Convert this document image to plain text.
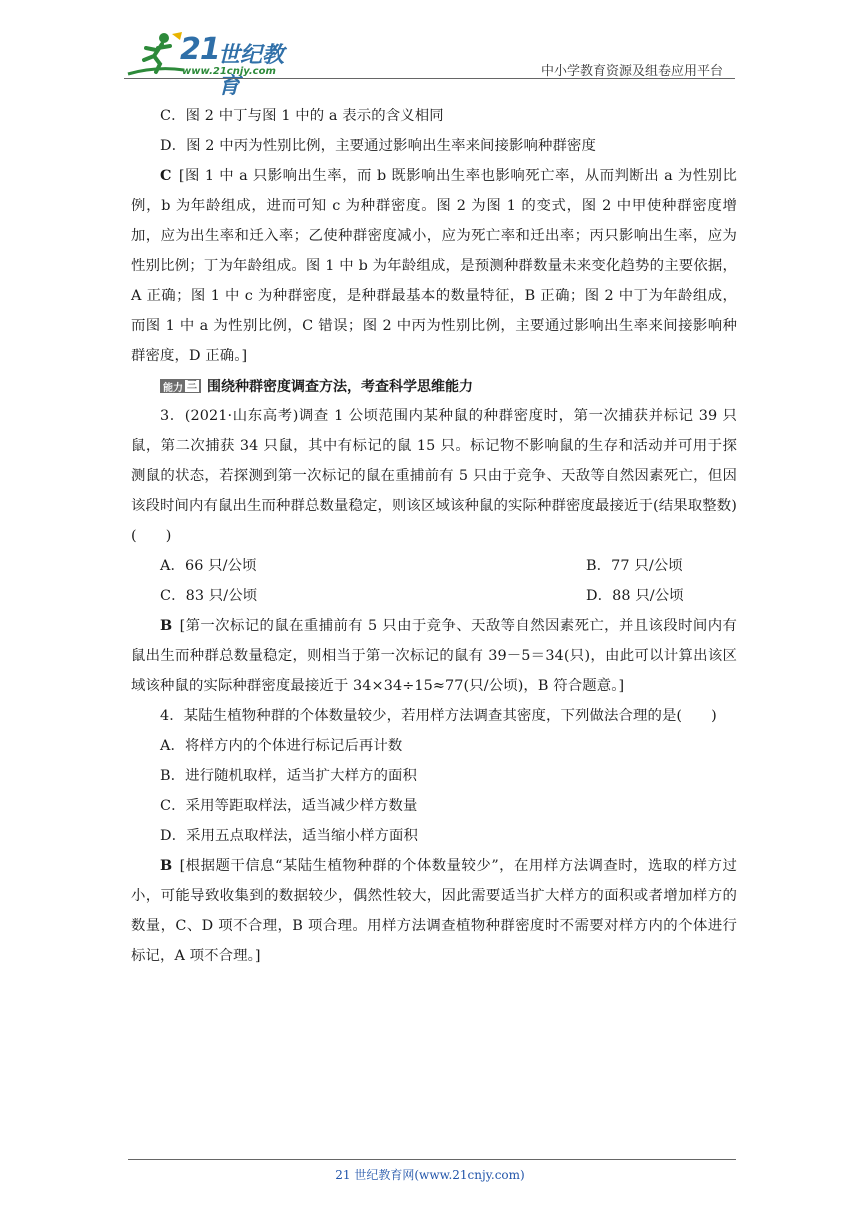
21
世纪教育
www.21cnjy.com	中小学教育资源及组卷应用平台

C．图 2 中丁与图 1 中的 a 表示的含义相同

D．图 2 中丙为性别比例，主要通过影响出生率来间接影响种群密度

C  [图 1 中 a 只影响出生率，而 b 既影响出生率也影响死亡率，从而判断出 a 为性别比例，b 为年龄组成，进而可知 c 为种群密度。图 2 为图 1 的变式，图 2 中甲使种群密度增加，应为出生率和迁入率；乙使种群密度减小，应为死亡率和迁出率；丙只影响出生率，应为性别比例；丁为年龄组成。图 1 中 b 为年龄组成，是预测种群数量未来变化趋势的主要依据，A 正确；图 1 中 c 为种群密度，是种群最基本的数量特征，B 正确；图 2 中丁为年龄组成，而图 1 中 a 为性别比例，C 错误；图 2 中丙为性别比例，主要通过影响出生率来间接影响种群密度，D 正确。]

能力 三 围绕种群密度调查方法，考查科学思维能力

3．(2021·山东高考)调查 1 公顷范围内某种鼠的种群密度时，第一次捕获并标记 39 只鼠，第二次捕获 34 只鼠，其中有标记的鼠 15 只。标记物不影响鼠的生存和活动并可用于探测鼠的状态，若探测到第一次标记的鼠在重捕前有 5 只由于竞争、天敌等自然因素死亡，但因该段时间内有鼠出生而种群总数量稳定，则该区域该种鼠的实际种群密度最接近于(结果取整数)(　　)

A．66 只/公顷	B．77 只/公顷

C．83 只/公顷	D．88 只/公顷

B  [第一次标记的鼠在重捕前有 5 只由于竞争、天敌等自然因素死亡，并且该段时间内有鼠出生而种群总数量稳定，则相当于第一次标记的鼠有 39－5＝34(只)，由此可以计算出该区域该种鼠的实际种群密度最接近于 34×34÷15≈77(只/公顷)，B 符合题意。]

4．某陆生植物种群的个体数量较少，若用样方法调查其密度，下列做法合理的是(　　)

A．将样方内的个体进行标记后再计数

B．进行随机取样，适当扩大样方的面积

C．采用等距取样法，适当减少样方数量

D．采用五点取样法，适当缩小样方面积

B  [根据题干信息“某陆生植物种群的个体数量较少”，在用样方法调查时，选取的样方过小，可能导致收集到的数据较少，偶然性较大，因此需要适当扩大样方的面积或者增加样方的数量，C、D 项不合理，B 项合理。用样方法调查植物种群密度时不需要对样方内的个体进行标记，A 项不合理。]

21 世纪教育网(www.21cnjy.com)
